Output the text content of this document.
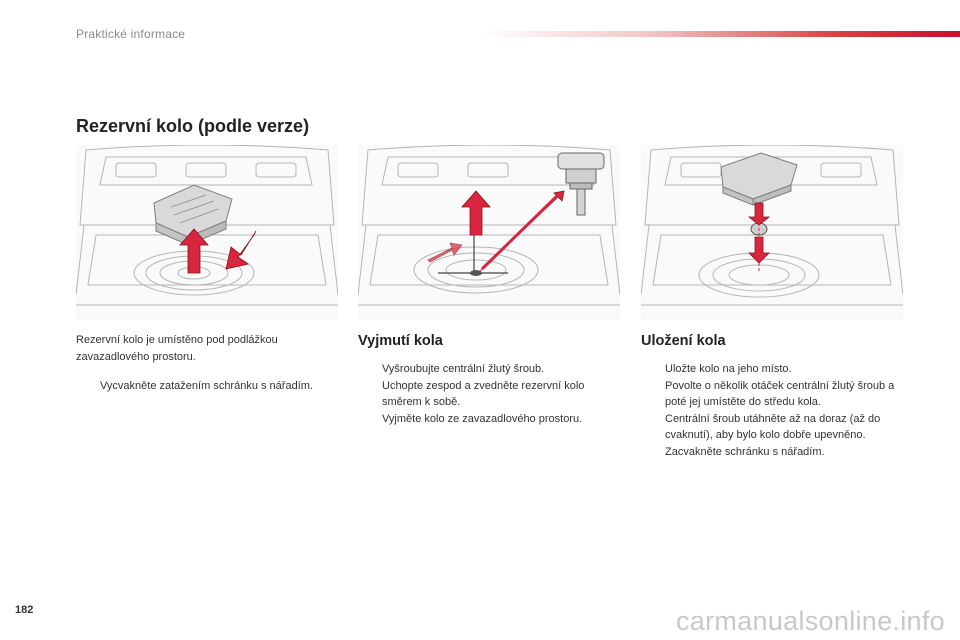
Praktické informace
Rezervní kolo (podle verze)

Rezervní kolo je umístěno pod podlážkou zavazadlového prostoru.

Vycvakněte zatažením schránku s nářadím.
Vyjmutí kola
Vyšroubujte centrální žlutý šroub.
Uchopte zespod a zvedněte rezervní kolo směrem k sobě.
Vyjměte kolo ze zavazadlového prostoru.
Uložení kola
Uložte kolo na jeho místo.
Povolte o několik otáček centrální žlutý šroub a poté jej umístěte do středu kola.
Centrální šroub utáhněte až na doraz (až do cvaknutí), aby bylo kolo dobře upevněno.
Zacvakněte schránku s nářadím.
182	carmanualsonline.info
